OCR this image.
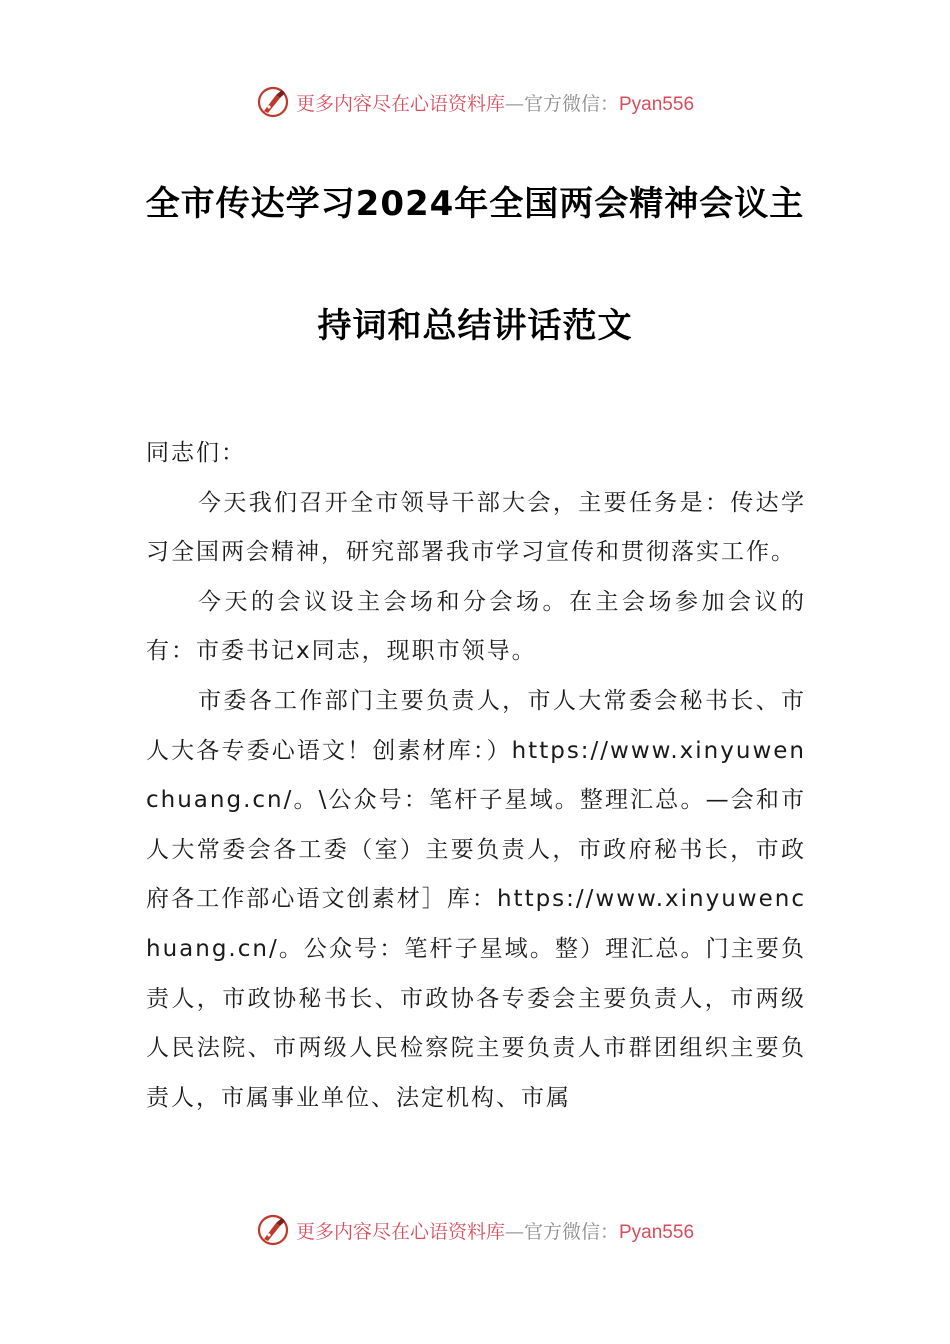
更多内容尽在心语资料库—官方微信：Pyan556
全市传达学习2024年全国两会精神会议主
持词和总结讲话范文

同志们：

今天我们召开全市领导干部大会，主要任务是：传达学习全国两会精神，研究部署我市学习宣传和贯彻落实工作。

今天的会议设主会场和分会场。在主会场参加会议的有：市委书记x同志，现职市领导。

市委各工作部门主要负责人，市人大常委会秘书长、市人大各专委心语文！创素材库：）https://www.xinyuwenchuang.cn/。\公众号：笔杆子星域。整理汇总。—会和市人大常委会各工委（室）主要负责人，市政府秘书长，市政府各工作部心语文创素材］库：https://www.xinyuwenchuang.cn/。公众号：笔杆子星域。整）理汇总。门主要负责人，市政协秘书长、市政协各专委会主要负责人，市两级人民法院、市两级人民检察院主要负责人市群团组织主要负责人，市属事业单位、法定机构、市属

更多内容尽在心语资料库—官方微信：Pyan556
